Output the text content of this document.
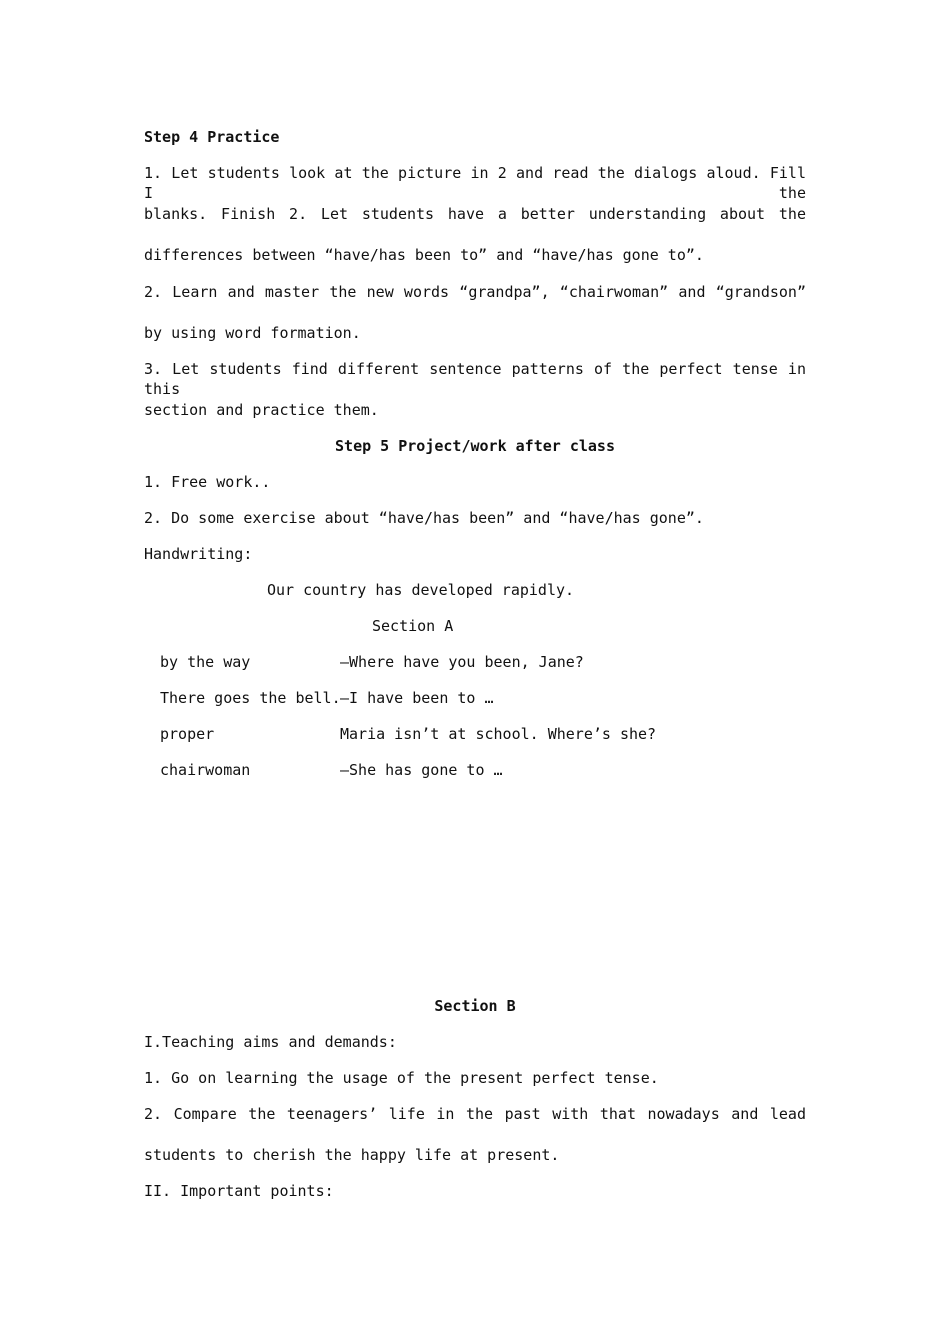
Step 4 Practice
1. Let students look at the picture in 2 and read the dialogs aloud. Fill I the
blanks. Finish 2. Let students have a better understanding about the
differences between “have/has been to” and “have/has gone to”.
2. Learn and master the new words “grandpa”, “chairwoman” and “grandson”
by using word formation.
3. Let students find different sentence patterns of the perfect tense in this
section and practice them.
Step 5 Project/work after class
1. Free work..
2. Do some exercise about “have/has been” and “have/has gone”.
Handwriting:
Our country has developed rapidly.
Section A
by the way	—Where have you been, Jane?
There goes the bell. —I have been to …
proper	Maria isn’t at school. Where’s she?
chairwoman	—She has gone to …
Section B
I.Teaching aims and demands:
1. Go on learning the usage of the present perfect tense.
2. Compare the teenagers’ life in the past with that nowadays and lead
students to cherish the happy life at present.
II. Important points:
